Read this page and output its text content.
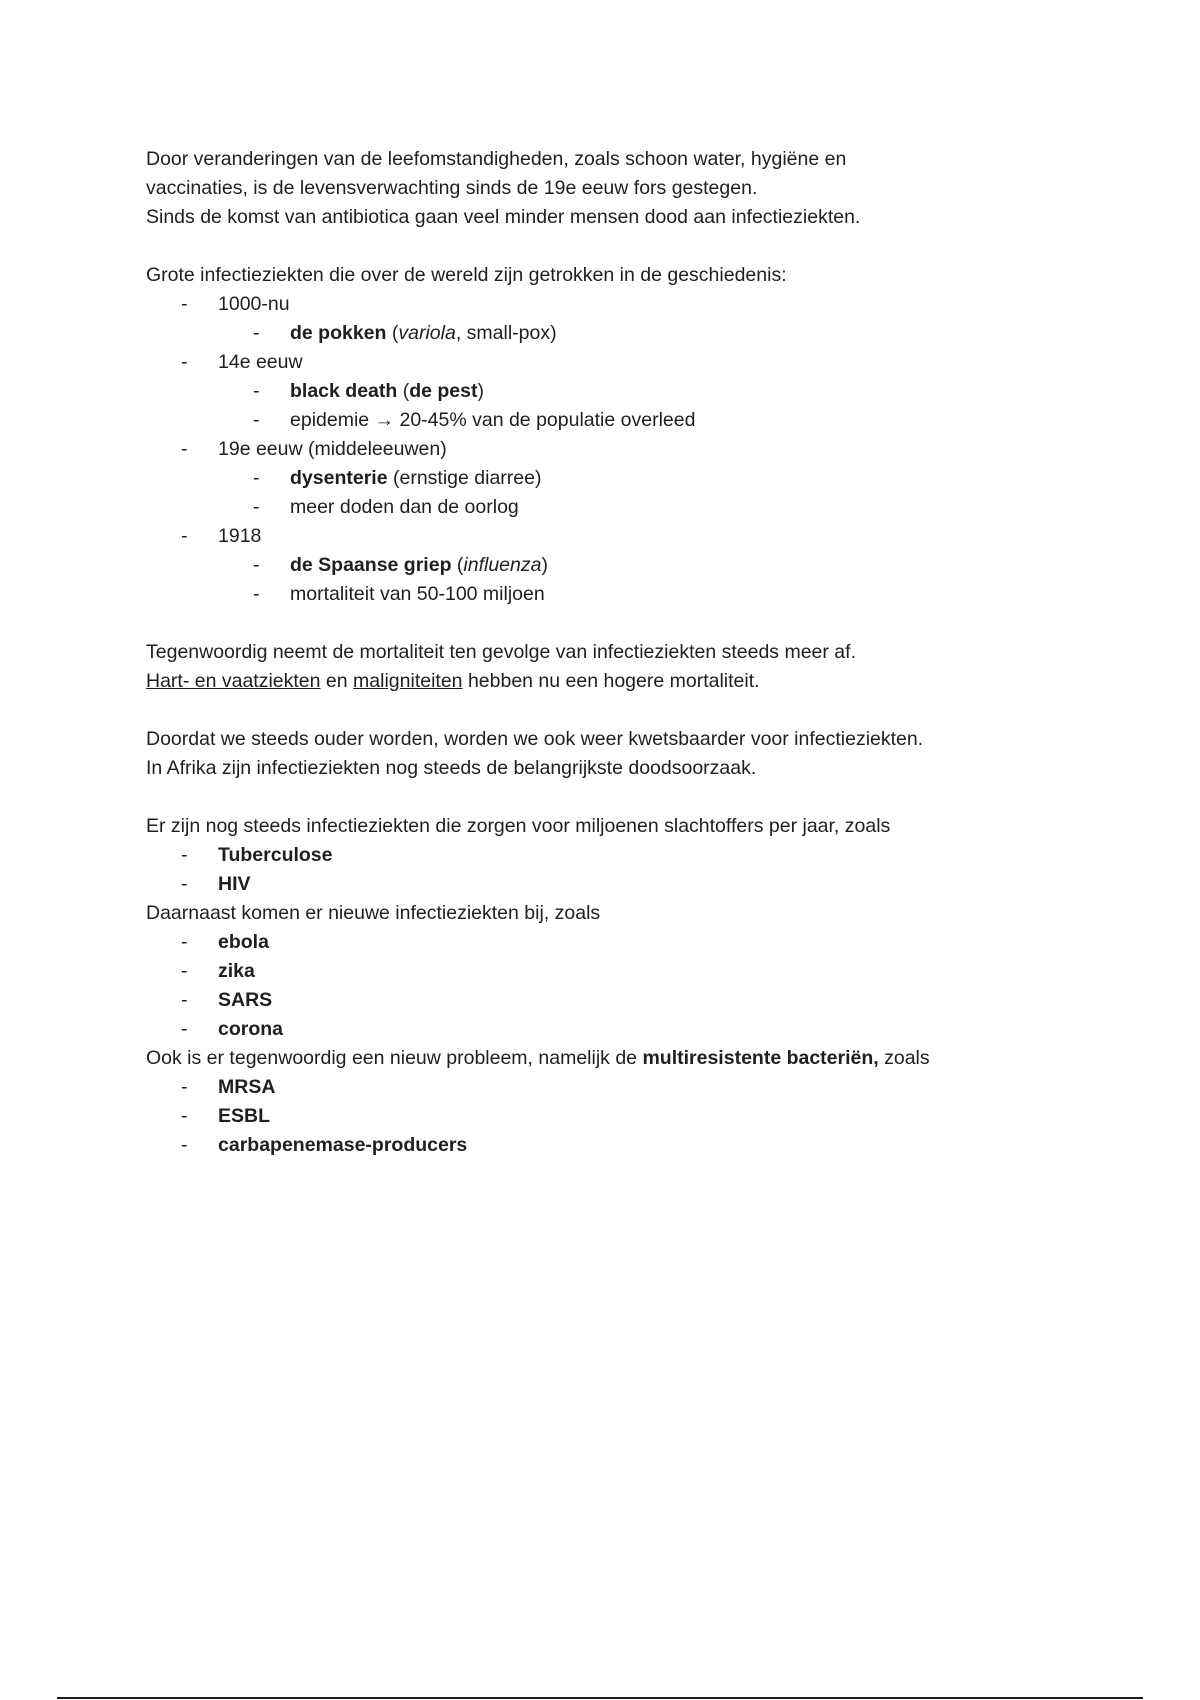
Door veranderingen van de leefomstandigheden, zoals schoon water, hygiëne en

vaccinaties, is de levensverwachting sinds de 19e eeuw fors gestegen.

Sinds de komst van antibiotica gaan veel minder mensen dood aan infectieziekten.

Grote infectieziekten die over de wereld zijn getrokken in de geschiedenis:

- 1000-nu
- de pokken (variola, small-pox)
- 14e eeuw
- black death (de pest)
- epidemie → 20-45% van de populatie overleed
- 19e eeuw (middeleeuwen)
- dysenterie (ernstige diarree)
- meer doden dan de oorlog
- 1918
- de Spaanse griep (influenza)
- mortaliteit van 50-100 miljoen

Tegenwoordig neemt de mortaliteit ten gevolge van infectieziekten steeds meer af.

Hart- en vaatziekten en maligniteiten hebben nu een hogere mortaliteit.

Doordat we steeds ouder worden, worden we ook weer kwetsbaarder voor infectieziekten.

In Afrika zijn infectieziekten nog steeds de belangrijkste doodsoorzaak.

Er zijn nog steeds infectieziekten die zorgen voor miljoenen slachtoffers per jaar, zoals

- Tuberculose
- HIV

Daarnaast komen er nieuwe infectieziekten bij, zoals

- ebola
- zika
- SARS
- corona

Ook is er tegenwoordig een nieuw probleem, namelijk de multiresistente bacteriën, zoals

- MRSA
- ESBL
- carbapenemase-producers
